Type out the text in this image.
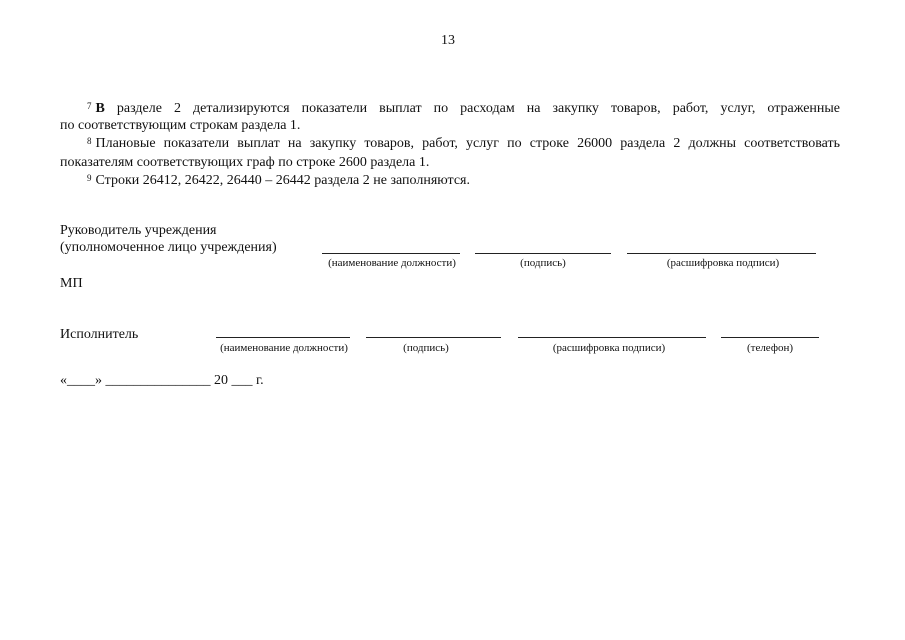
13
$^7$ В разделе 2 детализируются показатели выплат по расходам на закупку товаров, работ, услуг, отраженные
по соответствующим строкам раздела 1.
$^8$ Плановые показатели выплат на закупку товаров, работ, услуг по строке 26000 раздела 2 должны соответствовать
показателям соответствующих граф по строке 2600 раздела 1.
$^9$ Строки 26412, 26422, 26440 – 26442 раздела 2 не заполняются.
Руководитель учреждения
(уполномоченное лицо учреждения)
(наименование должности)	(подпись)	(расшифровка подписи)
МП
Исполнитель
(наименование должности)	(подпись)	(расшифровка подписи)	(телефон)
«____» _______________ 20 ___ г.
